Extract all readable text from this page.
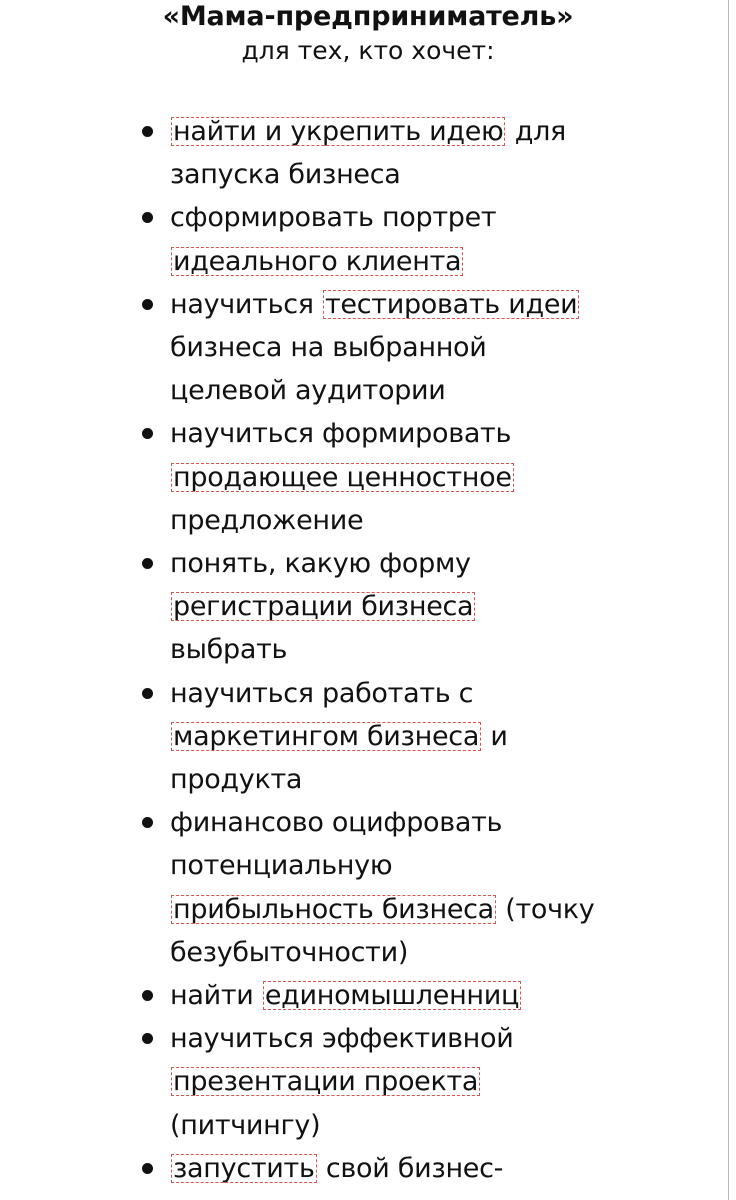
«Мама-предприниматель»
для тех, кто хочет:
найти и укрепить идею для
запуска бизнеса
сформировать портрет
идеального клиента
научиться тестировать идеи
бизнеса на выбранной
целевой аудитории
научиться формировать
продающее ценностное
предложение
понять, какую форму
регистрации бизнеса
выбрать
научиться работать с
маркетингом бизнеса и
продукта
финансово оцифровать
потенциальную
прибыльность бизнеса (точку
безубыточности)
найти единомышленниц
научиться эффективной
презентации проекта
(питчингу)
запустить свой бизнес-
